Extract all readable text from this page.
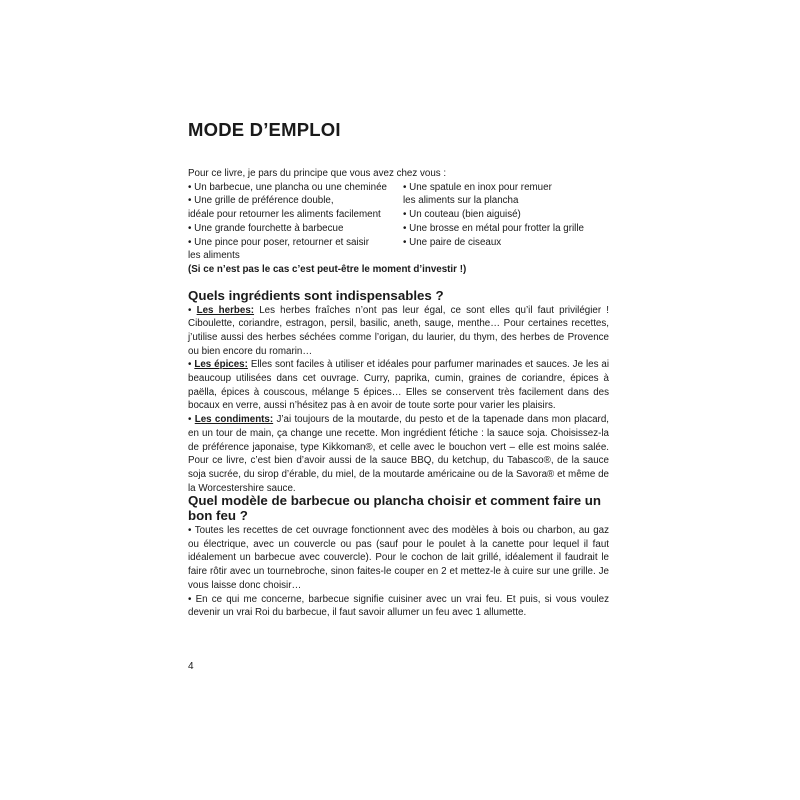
MODE D’EMPLOI
Pour ce livre, je pars du principe que vous avez chez vous :
• Un barbecue, une plancha ou une cheminée
• Une grille de préférence double,
idéale pour retourner les aliments facilement
• Une grande fourchette à barbecue
• Une pince pour poser, retourner et saisir
les aliments
• Une spatule en inox pour remuer
les aliments sur la plancha
• Un couteau (bien aiguisé)
• Une brosse en métal pour frotter la grille
• Une paire de ciseaux
(Si ce n’est pas le cas c’est peut-être le moment d’investir !)
Quels ingrédients sont indispensables ?

• Les herbes: Les herbes fraîches n’ont pas leur égal, ce sont elles qu’il faut privilégier ! Ciboulette, coriandre, estragon, persil, basilic, aneth, sauge, menthe… Pour certaines recettes, j’utilise aussi des herbes séchées comme l’origan, du laurier, du thym, des herbes de Provence ou bien encore du romarin…

• Les épices: Elles sont faciles à utiliser et idéales pour parfumer marinades et sauces. Je les ai beaucoup utilisées dans cet ouvrage. Curry, paprika, cumin, graines de coriandre, épices à paëlla, épices à couscous, mélange 5 épices… Elles se conservent très facilement dans des bocaux en verre, aussi n’hésitez pas à en avoir de toute sorte pour varier les plaisirs.

• Les condiments: J’ai toujours de la moutarde, du pesto et de la tapenade dans mon placard, en un tour de main, ça change une recette. Mon ingrédient fétiche : la sauce soja. Choisissez-la de préférence japonaise, type Kikkoman®, et celle avec le bouchon vert – elle est moins salée. Pour ce livre, c’est bien d’avoir aussi de la sauce BBQ, du ketchup, du Tabasco®, de la sauce soja sucrée, du sirop d’érable, du miel, de la moutarde américaine ou de la Savora® et même de la Worcestershire sauce.

Quel modèle de barbecue ou plancha choisir et comment faire un bon feu ?

• Toutes les recettes de cet ouvrage fonctionnent avec des modèles à bois ou charbon, au gaz ou électrique, avec un couvercle ou pas (sauf pour le poulet à la canette pour lequel il faut idéalement un barbecue avec couvercle). Pour le cochon de lait grillé, idéalement il faudrait le faire rôtir avec un tournebroche, sinon faites-le couper en 2 et mettez-le à cuire sur une grille. Je vous laisse donc choisir…

• En ce qui me concerne, barbecue signifie cuisiner avec un vrai feu. Et puis, si vous voulez devenir un vrai Roi du barbecue, il faut savoir allumer un feu avec 1 allumette.

4
